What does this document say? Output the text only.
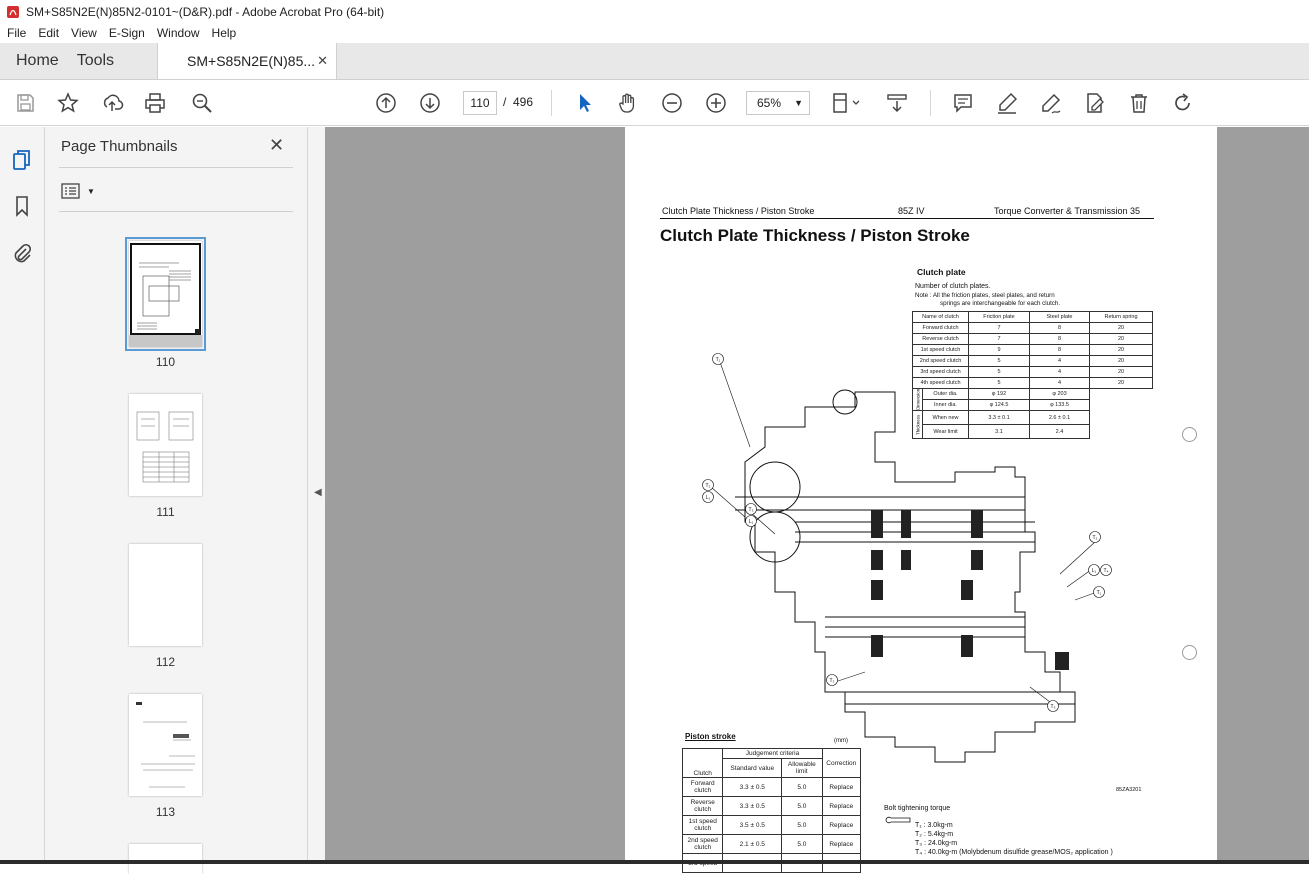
SM+S85N2E(N)85N2-0101~(D&R).pdf - Adobe Acrobat Pro (64-bit)
File	Edit	View	E-Sign	Window	Help
Home	Tools	SM+S85N2E(N)85... ✕
110	/ 496	65% ▼
Page Thumbnails	✕
▼
110
111
112
113
◀
Clutch Plate Thickness / Piston Stroke	85Z IV	Torque Converter & Transmission 35
Clutch Plate Thickness / Piston Stroke
Clutch plate
Number of clutch plates.
Note : All the friction plates, steel plates, and return
springs are interchangeable for each clutch.
Name of clutch		Friction plate	Steel plate	Return spring
Forward clutch		7	8	20
Reverse clutch		7	8	20
1st speed clutch		9	8	20
2nd speed clutch		5	4	20
3rd speed clutch		5	4	20
4th speed clutch		5	4	20
Dimension	Outer dia.	φ 192	φ 203	
	Inner dia.	φ 124.5	φ 133.5	
Thickness	When new	3.3 ± 0.1	2.6 ± 0.1	
	Wear limit	3.1	2.4	
T₁
T₂
L₁
T₃
L₁
T₂
T₂
L₁ T₄
T₁
T₃
85ZA3201
Piston stroke	(mm)
Clutch	Judgement criteria		Correction
	Standard value	Allowable limit	
Forward clutch	3.3 ± 0.5	5.0	Replace
Reverse clutch	3.3 ± 0.5	5.0	Replace
1st speed clutch	3.5 ± 0.5	5.0	Replace
2nd speed clutch	2.1 ± 0.5	5.0	Replace

Bolt tightening torque
T₁ : 3.0kg-m
T₂ : 5.4kg-m
T₃ : 24.0kg-m
T₄ : 40.0kg-m (Molybdenum disulfide grease/MOS₂ application )
